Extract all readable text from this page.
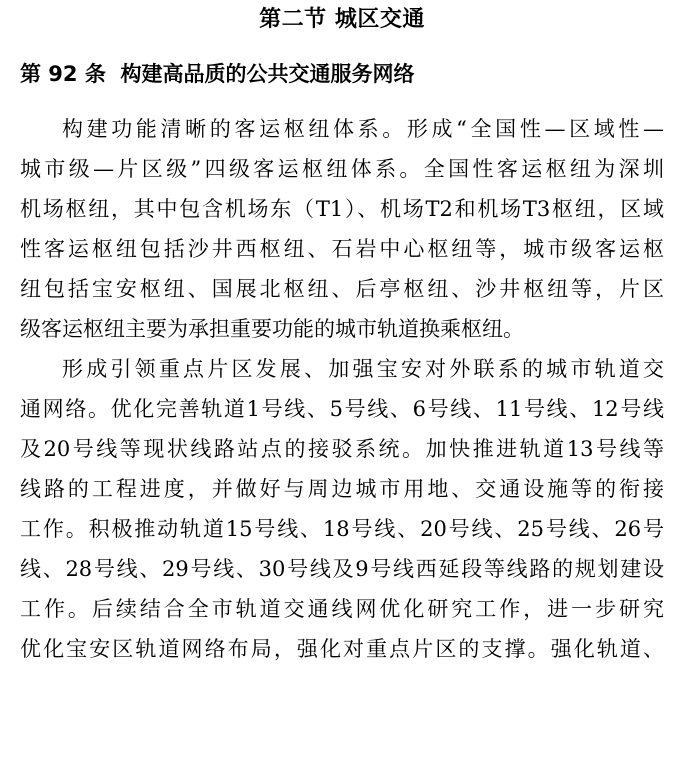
第二节 城区交通
第 92 条  构建高品质的公共交通服务网络
构建功能清晰的客运枢纽体系。形成“全国性—区域性—
城市级—片区级”四级客运枢纽体系。全国性客运枢纽为深圳
机场枢纽，其中包含机场东（T1）、机场T2和机场T3枢纽，区域
性客运枢纽包括沙井西枢纽、石岩中心枢纽等，城市级客运枢
纽包括宝安枢纽、国展北枢纽、后亭枢纽、沙井枢纽等，片区
级客运枢纽主要为承担重要功能的城市轨道换乘枢纽。
形成引领重点片区发展、加强宝安对外联系的城市轨道交
通网络。优化完善轨道1号线、5号线、6号线、11号线、12号线
及20号线等现状线路站点的接驳系统。加快推进轨道13号线等
线路的工程进度，并做好与周边城市用地、交通设施等的衔接
工作。积极推动轨道15号线、18号线、20号线、25号线、26号
线、28号线、29号线、30号线及9号线西延段等线路的规划建设
工作。后续结合全市轨道交通线网优化研究工作，进一步研究
优化宝安区轨道网络布局，强化对重点片区的支撑。强化轨道、
